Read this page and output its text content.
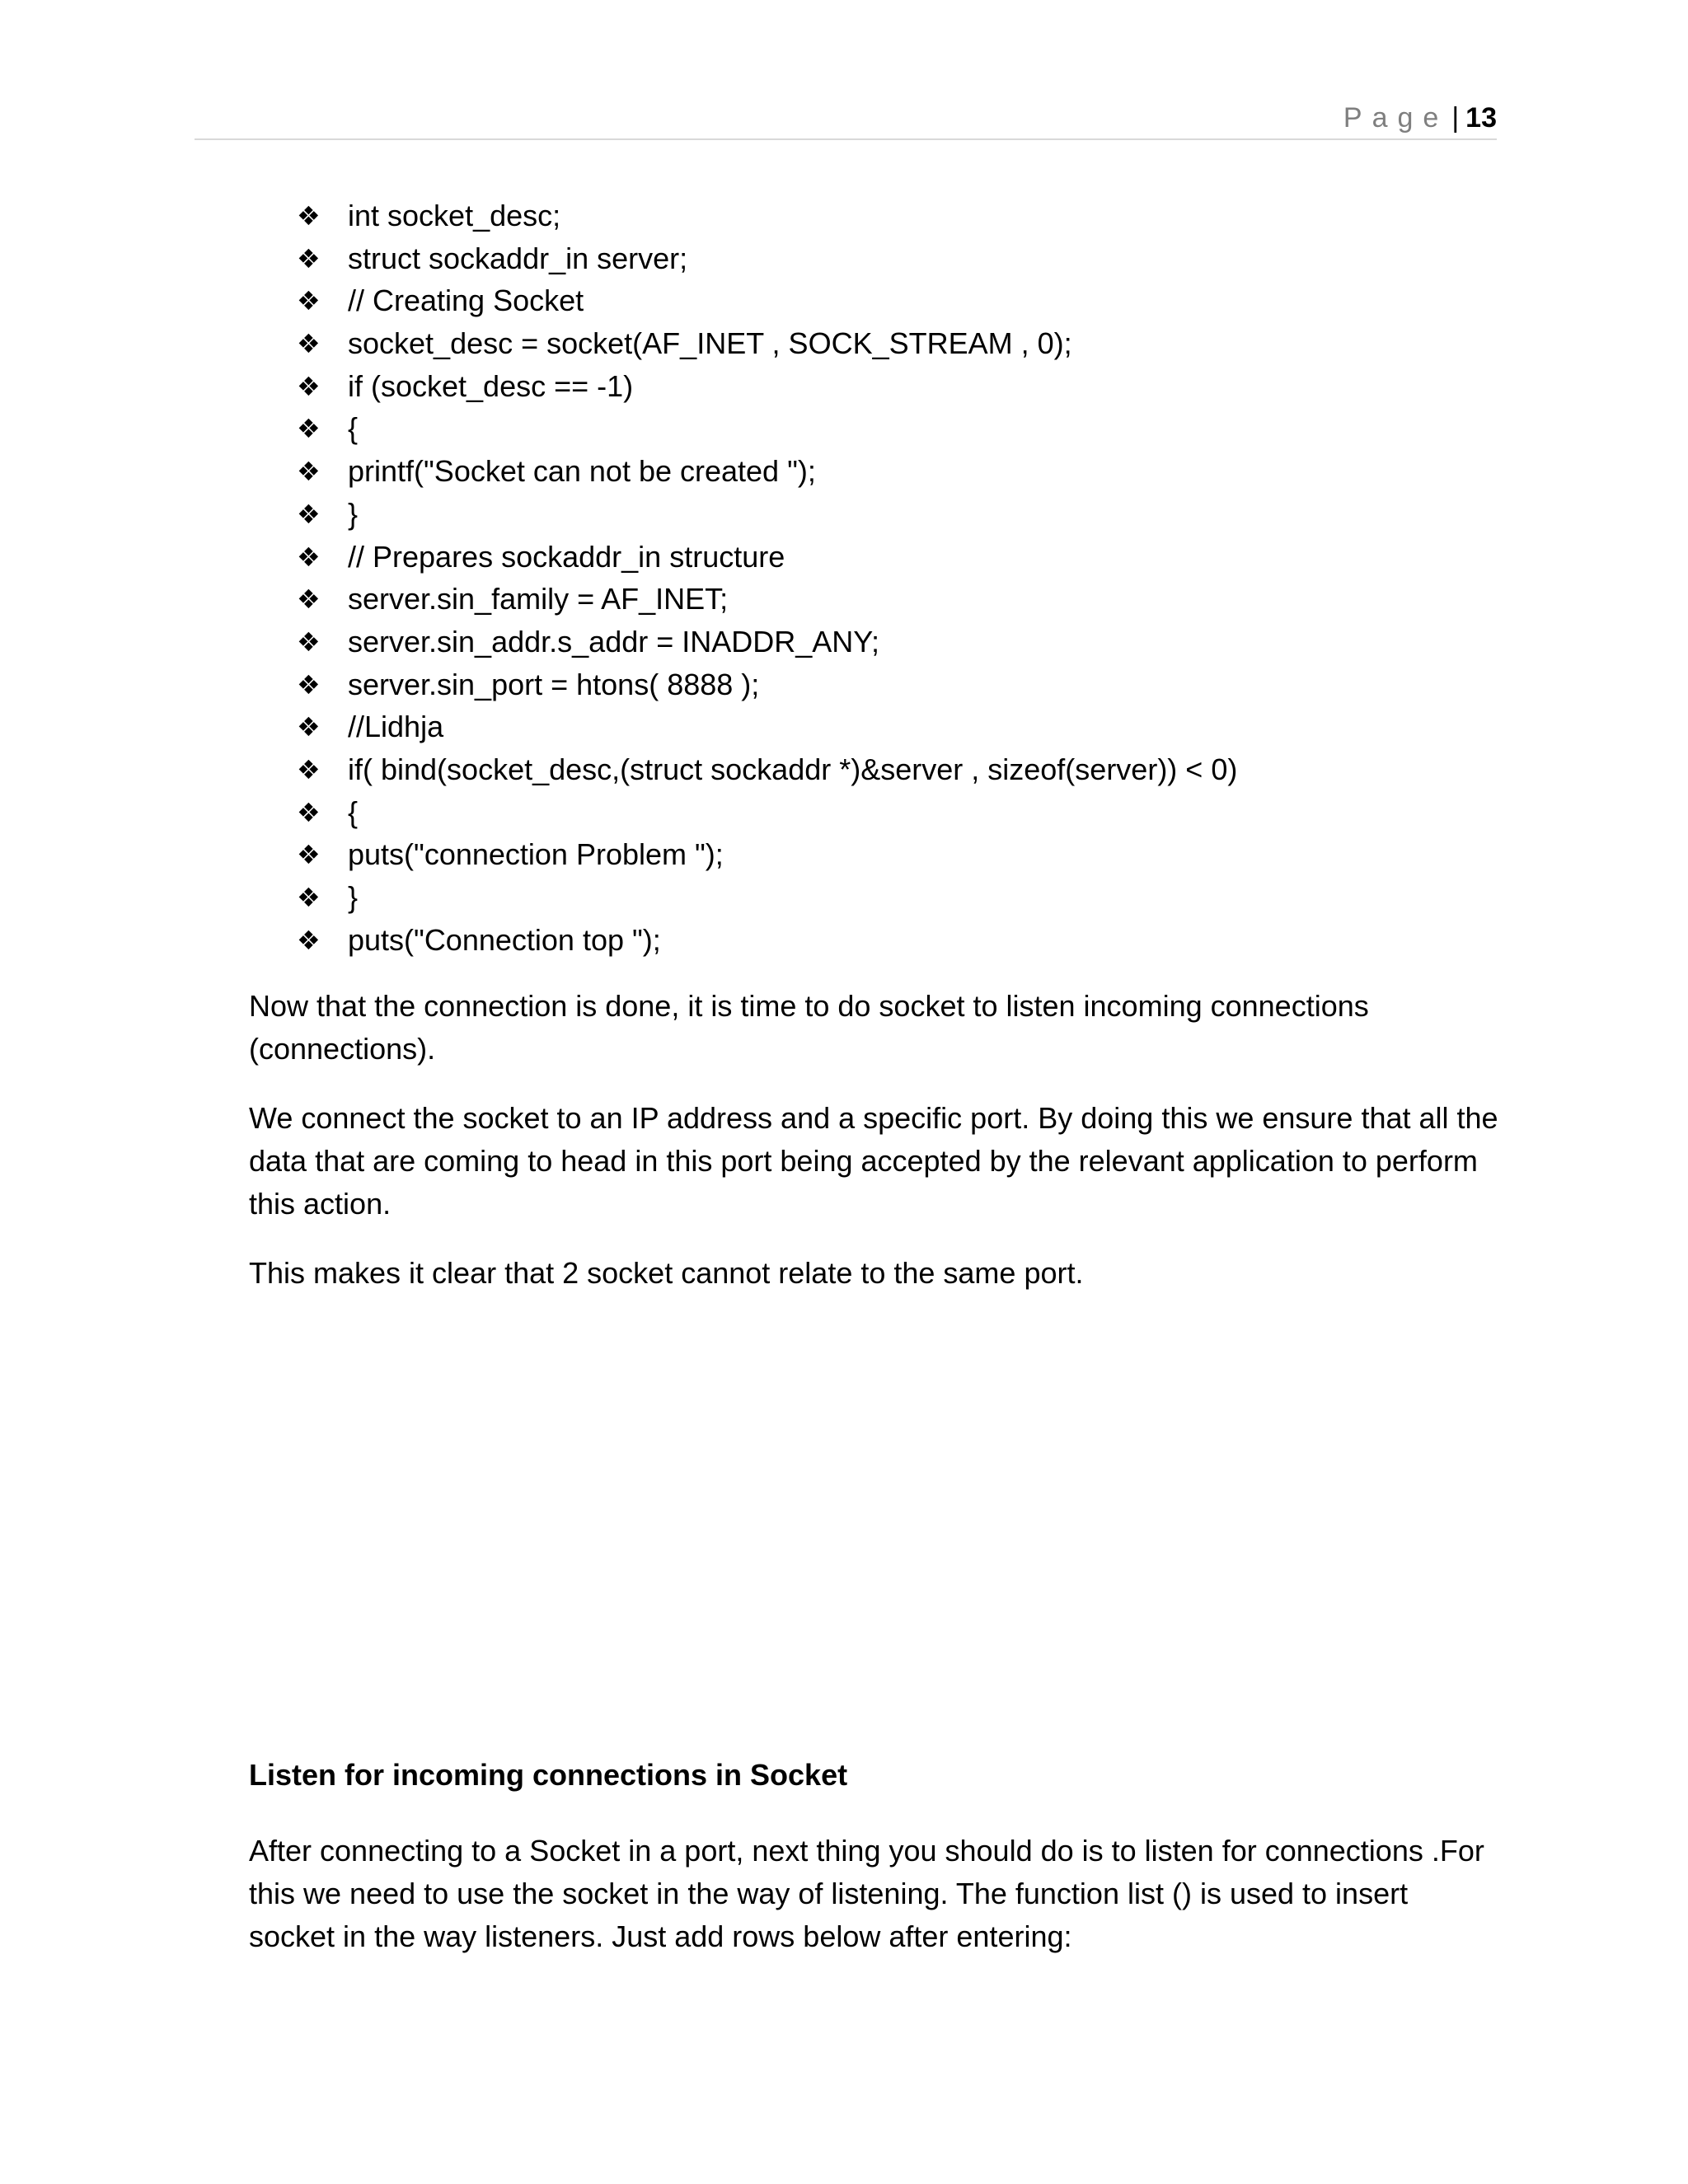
Page | 13
❖ int socket_desc;
❖ struct sockaddr_in server;
❖ // Creating Socket
❖ socket_desc = socket(AF_INET , SOCK_STREAM , 0);
❖ if (socket_desc == -1)
❖ {
❖ printf("Socket can not be created ");
❖ }
❖ // Prepares sockaddr_in structure
❖ server.sin_family = AF_INET;
❖ server.sin_addr.s_addr = INADDR_ANY;
❖ server.sin_port = htons( 8888 );
❖ //Lidhja
❖ if( bind(socket_desc,(struct sockaddr *)&server , sizeof(server)) < 0)
❖ {
❖ puts("connection Problem ");
❖ }
❖ puts("Connection top ");

Now that the connection is done, it is time to do socket to listen incoming connections (connections).

We connect the socket to an IP address and a specific port. By doing this we ensure that all the data that are coming to head in this port being accepted by the relevant application to perform this action.

This makes it clear that 2 socket cannot relate to the same port.

Listen for incoming connections in Socket

After connecting to a Socket in a port, next thing you should do is to listen for connections .For this we need to use the socket in the way of listening. The function list () is used to insert socket in the way listeners. Just add rows below after entering:
